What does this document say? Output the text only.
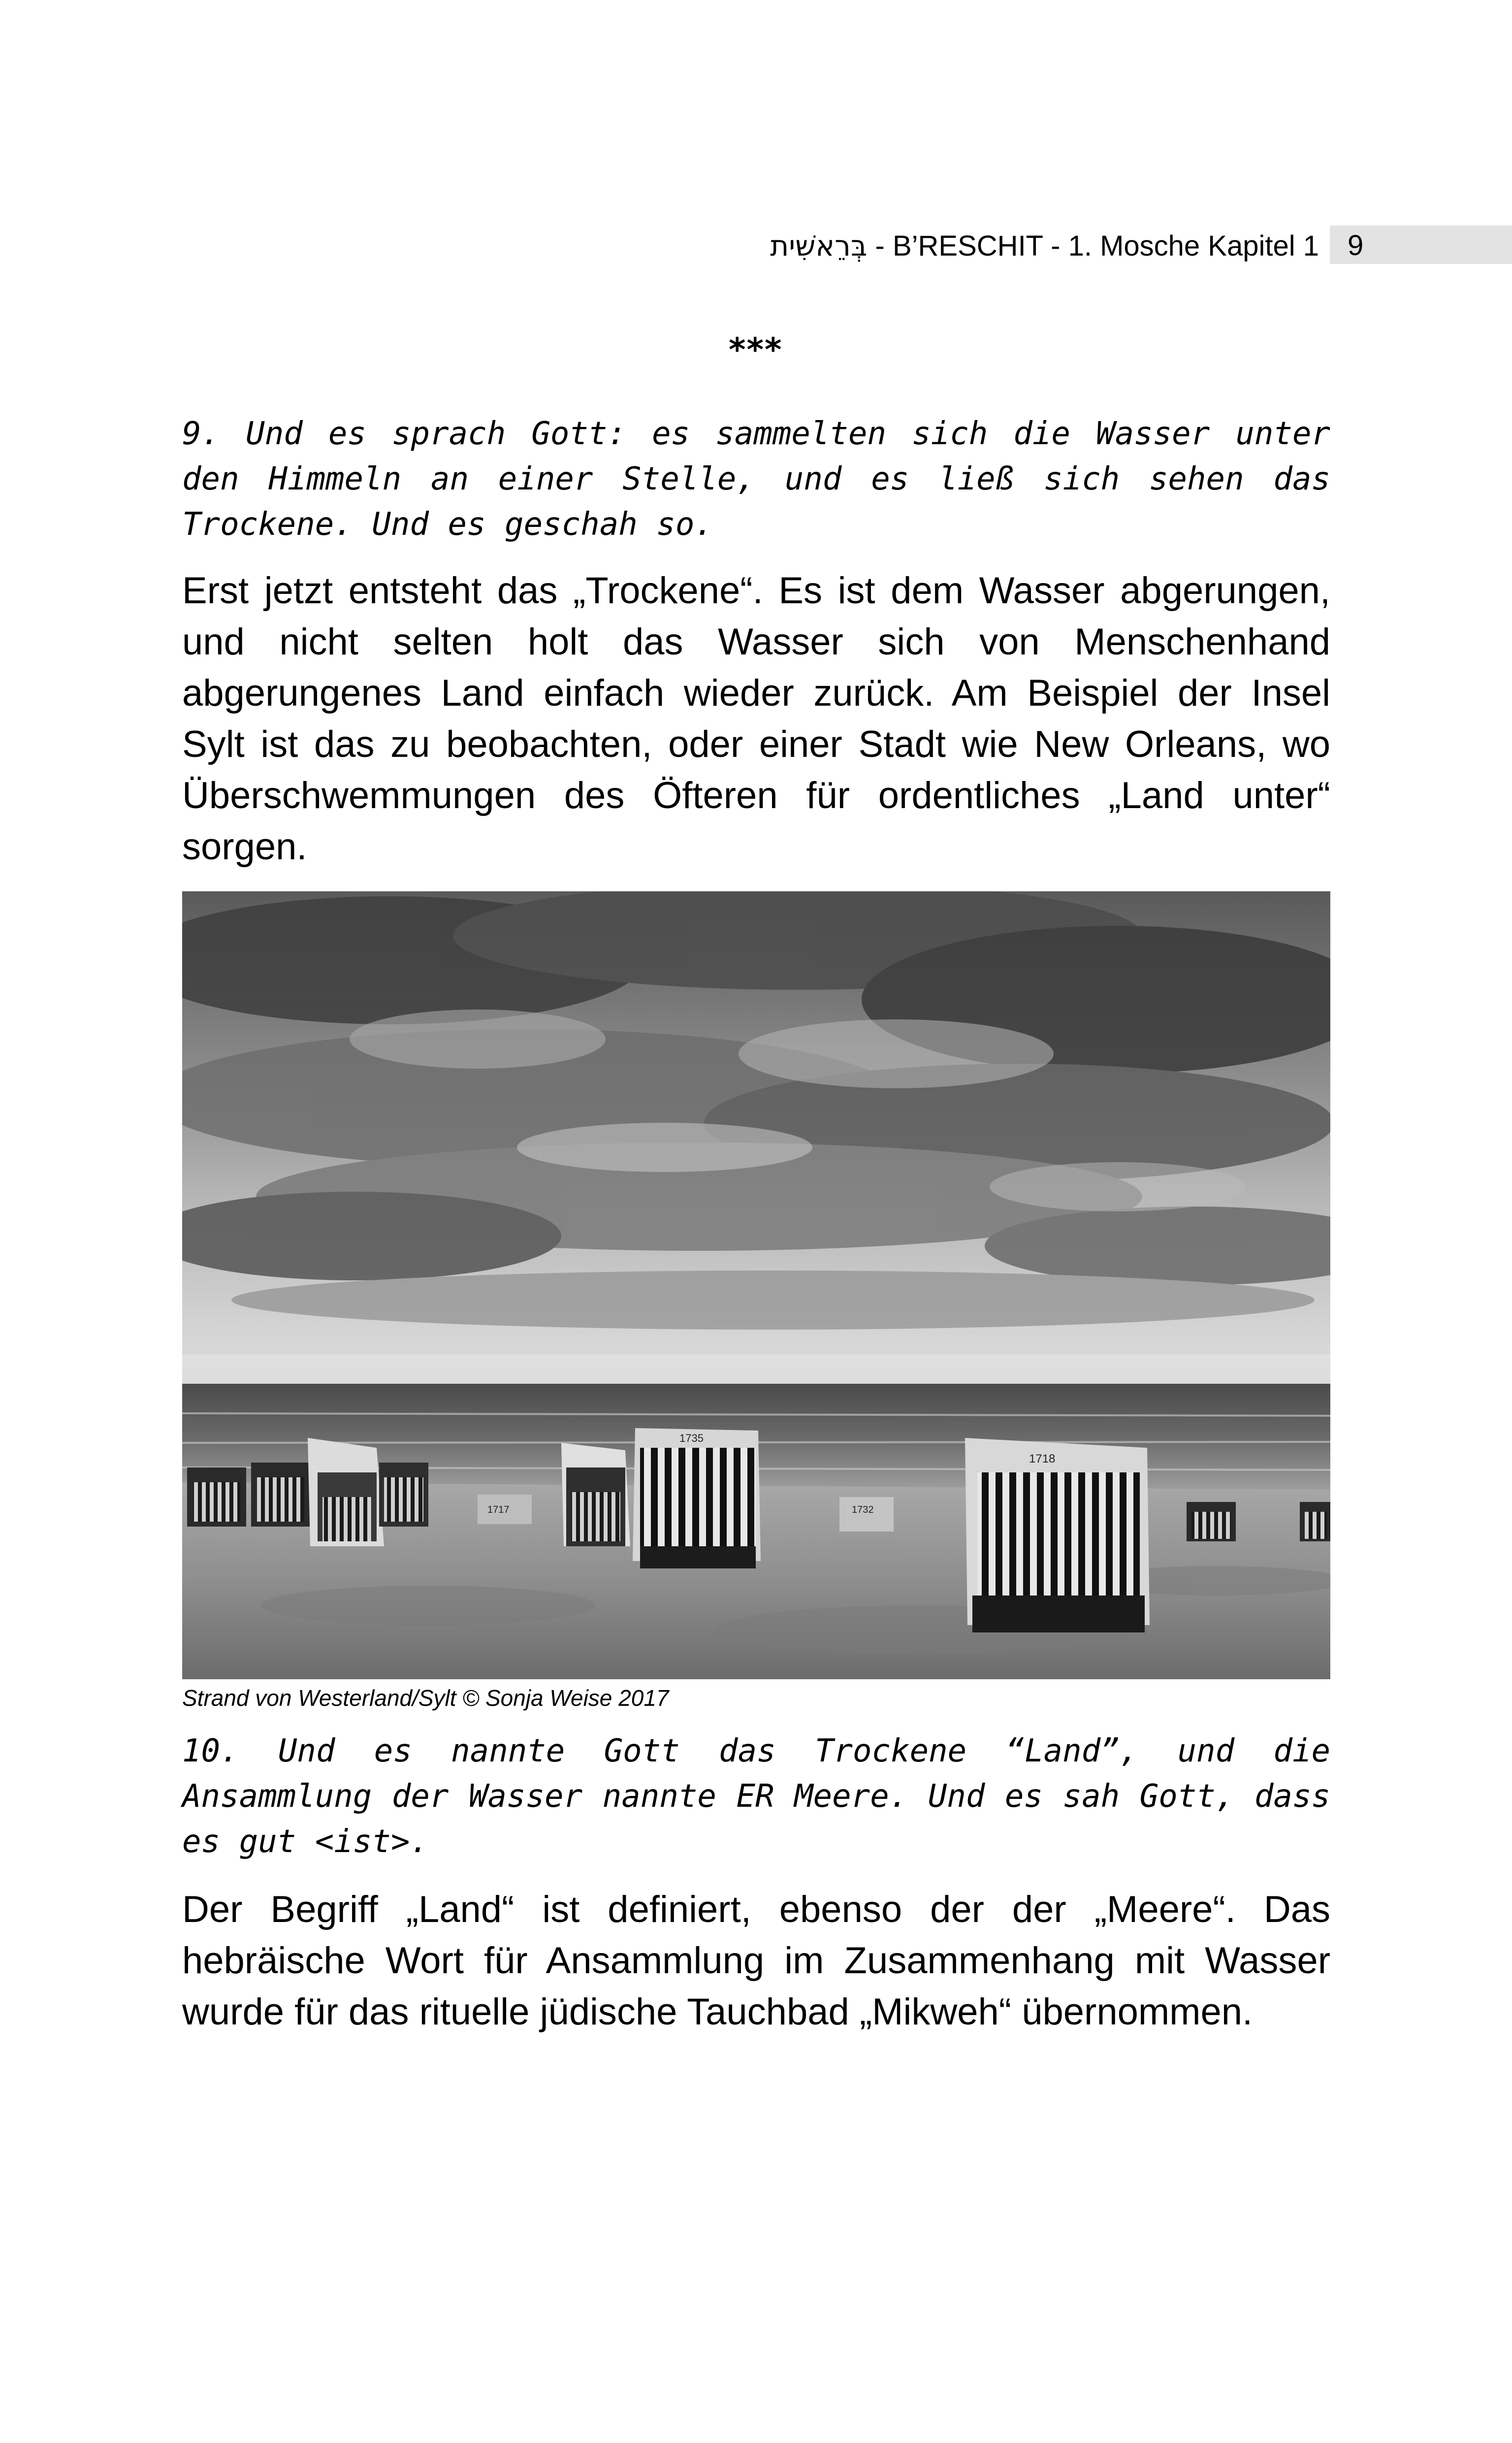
בְּרֵאשִׁית - B’RESCHIT - 1. Mosche Kapitel 1 9
***
9. Und es sprach Gott: es sammelten sich die Wasser unter den Himmeln an einer Stelle, und es ließ sich sehen das Trockene. Und es geschah so.
Erst jetzt entsteht das „Trockene“. Es ist dem Wasser abgerungen, und nicht selten holt das Wasser sich von Menschenhand abgerungenes Land einfach wieder zurück. Am Beispiel der Insel Sylt ist das zu beobachten, oder einer Stadt wie New Orleans, wo Überschwemmungen des Öfteren für ordentliches „Land unter“ sorgen.
1735
1732
1717
1718
Strand von Westerland/Sylt © Sonja Weise 2017
10. Und es nannte Gott das Trockene “Land”, und die Ansammlung der Wasser nannte ER Meere. Und es sah Gott, dass es gut <ist>.
Der Begriff „Land“ ist definiert, ebenso der der „Meere“. Das hebräische Wort für Ansammlung im Zusammenhang mit Wasser wurde für das rituelle jüdische Tauchbad „Mikweh“ übernommen.
